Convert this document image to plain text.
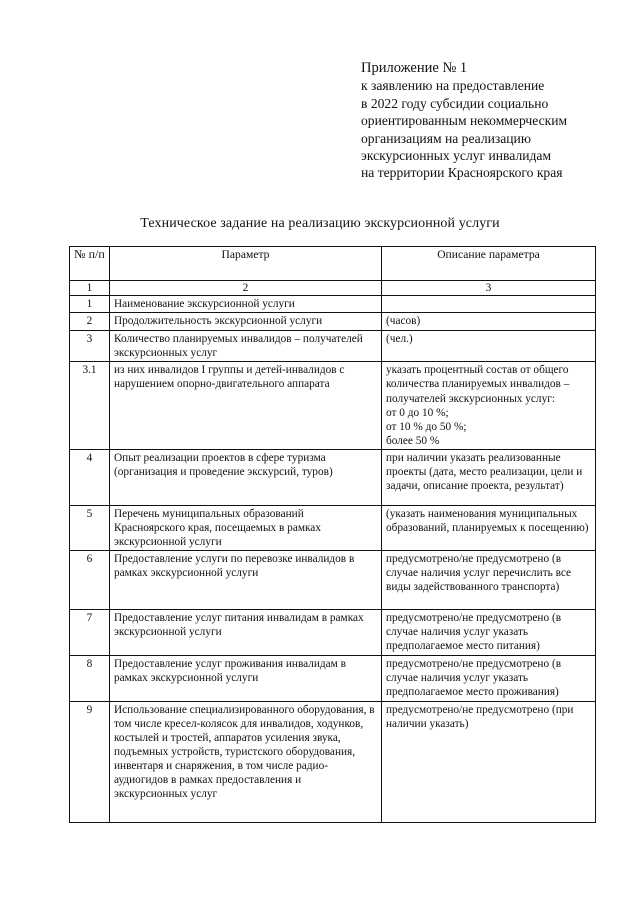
Приложение № 1
к заявлению на предоставление
в 2022 году субсидии социально
ориентированным некоммерческим
организациям на реализацию
экскурсионных услуг инвалидам
на территории Красноярского края
Техническое задание на реализацию экскурсионной услуги
№ п/п	Параметр	Описание параметра
1	2	3
1	Наименование экскурсионной услуги	
2	Продолжительность экскурсионной услуги	(часов)
3	Количество планируемых инвалидов – получателей экскурсионных услуг	(чел.)
3.1	из них инвалидов I группы и детей-инвалидов с нарушением опорно-двигательного аппарата	указать процентный состав от общего количества планируемых инвалидов – получателей экскурсионных услуг:
от 0 до 10 %;
от 10 % до 50 %;
более 50 %
4	Опыт реализации проектов в сфере туризма (организация и проведение экскурсий, туров)	при наличии указать реализованные проекты (дата, место реализации, цели и задачи, описание проекта, результат)
5	Перечень муниципальных образований Красноярского края, посещаемых в рамках экскурсионной услуги	(указать наименования муниципальных образований, планируемых к посещению)
6	Предоставление услуги по перевозке инвалидов в рамках экскурсионной услуги	предусмотрено/не предусмотрено (в случае наличия услуг перечислить все виды задействованного транспорта)
7	Предоставление услуг питания инвалидам в рамках экскурсионной услуги	предусмотрено/не предусмотрено (в случае наличия услуг указать предполагаемое место питания)
8	Предоставление услуг проживания инвалидам в рамках экскурсионной услуги	предусмотрено/не предусмотрено (в случае наличия услуг указать предполагаемое место проживания)
9	Использование специализированного оборудования, в том числе кресел-колясок для инвалидов, ходунков, костылей и тростей, аппаратов усиления звука, подъемных устройств, туристского оборудования, инвентаря и снаряжения, в том числе радио-аудиогидов в рамках предоставления и экскурсионных услуг	предусмотрено/не предусмотрено (при наличии указать)
